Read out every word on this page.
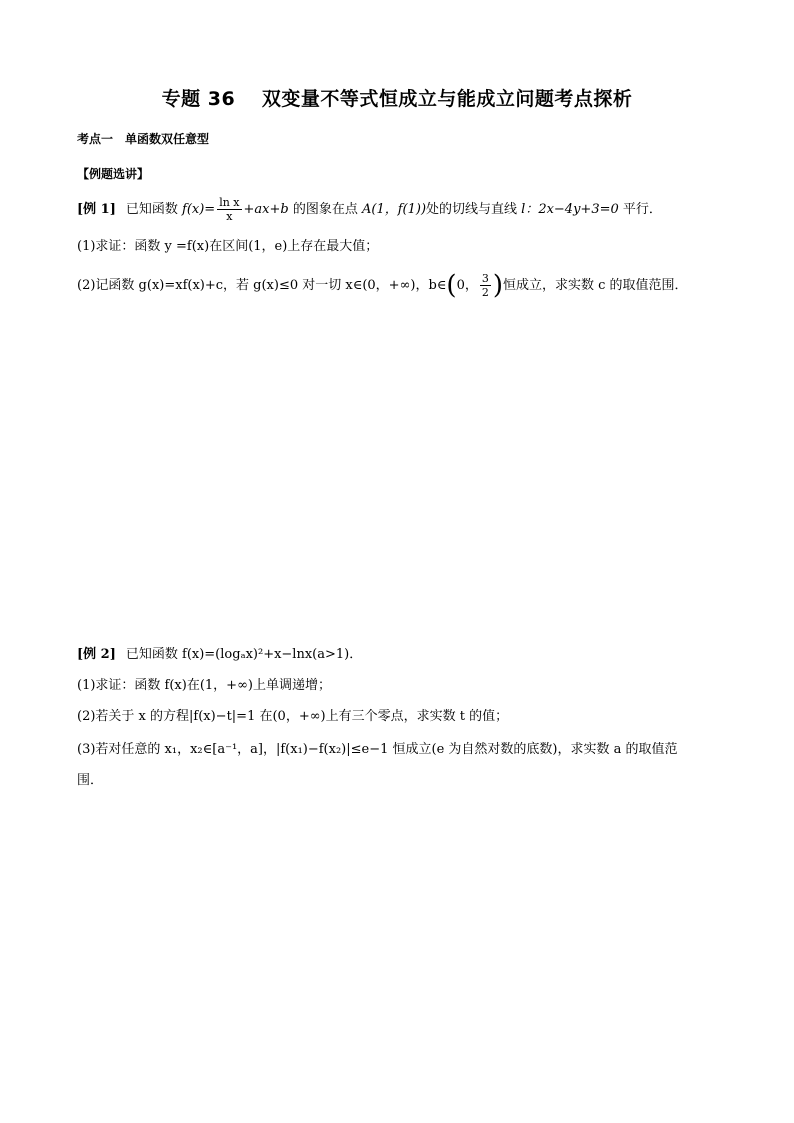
专题 36　 双变量不等式恒成立与能成立问题考点探析
考点一　单函数双任意型
【例题选讲】
[例 1] 已知函数 $f(x)= \frac{\text{ln x}}{x} +ax+b$ 的图象在点 A(1，f(1))处的切线与直线 l：2x−4y+3=0 平行．
(1)求证：函数 y =f(x)在区间(1，e)上存在最大值；
(2)记函数 g(x)=xf(x)+c，若 g(x)≤0 对一切 x∈(0，+∞)，b∈(0， $\frac{3}{2}$ )恒成立，求实数 c 的取值范围．
[例 2] 已知函数 f(x)=(logₐx)²+x−lnx(a>1)．
(1)求证：函数 f(x)在(1，+∞)上单调递增；
(2)若关于 x 的方程|f(x)−t|=1 在(0，+∞)上有三个零点，求实数 t 的值；
(3)若对任意的 x₁，x₂∈[a⁻¹，a]，|f(x₁)−f(x₂)|≤e−1 恒成立(e 为自然对数的底数)，求实数 a 的取值范
围．
